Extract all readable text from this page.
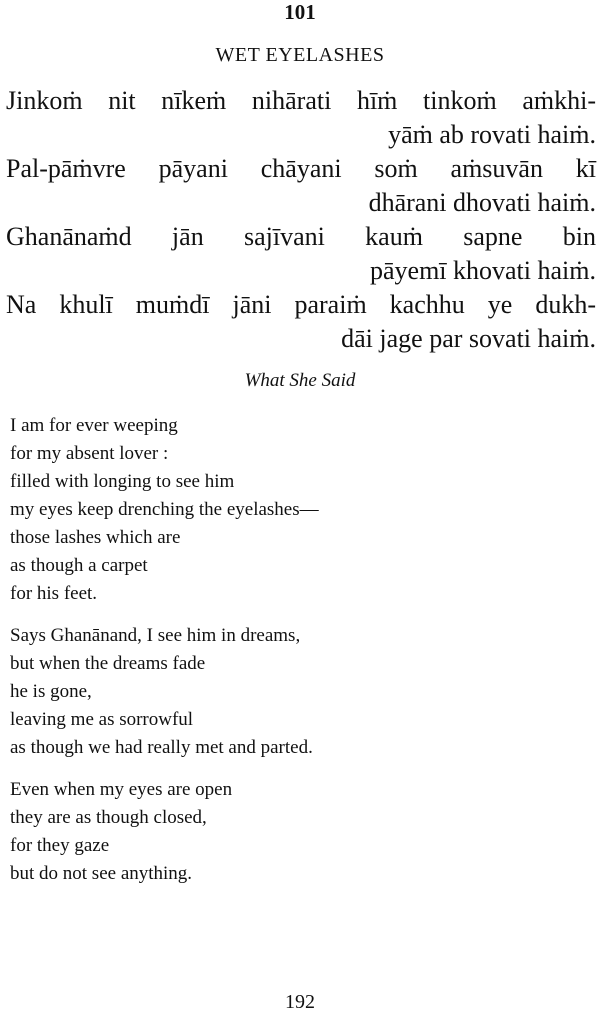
101
WET EYELASHES
Jinkoṁ nit nīkeṁ nihārati hīṁ tinkoṁ aṁkhi-
yāṁ ab rovati haiṁ.
Pal-pāṁvre pāyani chāyani soṁ aṁsuvān kī
dhārani dhovati haiṁ.
Ghanānaṁd jān sajīvani kauṁ sapne bin
pāyemī khovati haiṁ.
Na khulī muṁdī jāni paraiṁ kachhu ye dukh-
dāi jage par sovati haiṁ.
What She Said
I am for ever weeping
for my absent lover :
filled with longing to see him
my eyes keep drenching the eyelashes—
those lashes which are
as though a carpet
for his feet.
Says Ghanānand, I see him in dreams,
but when the dreams fade
he is gone,
leaving me as sorrowful
as though we had really met and parted.
Even when my eyes are open
they are as though closed,
for they gaze
but do not see anything.
192
